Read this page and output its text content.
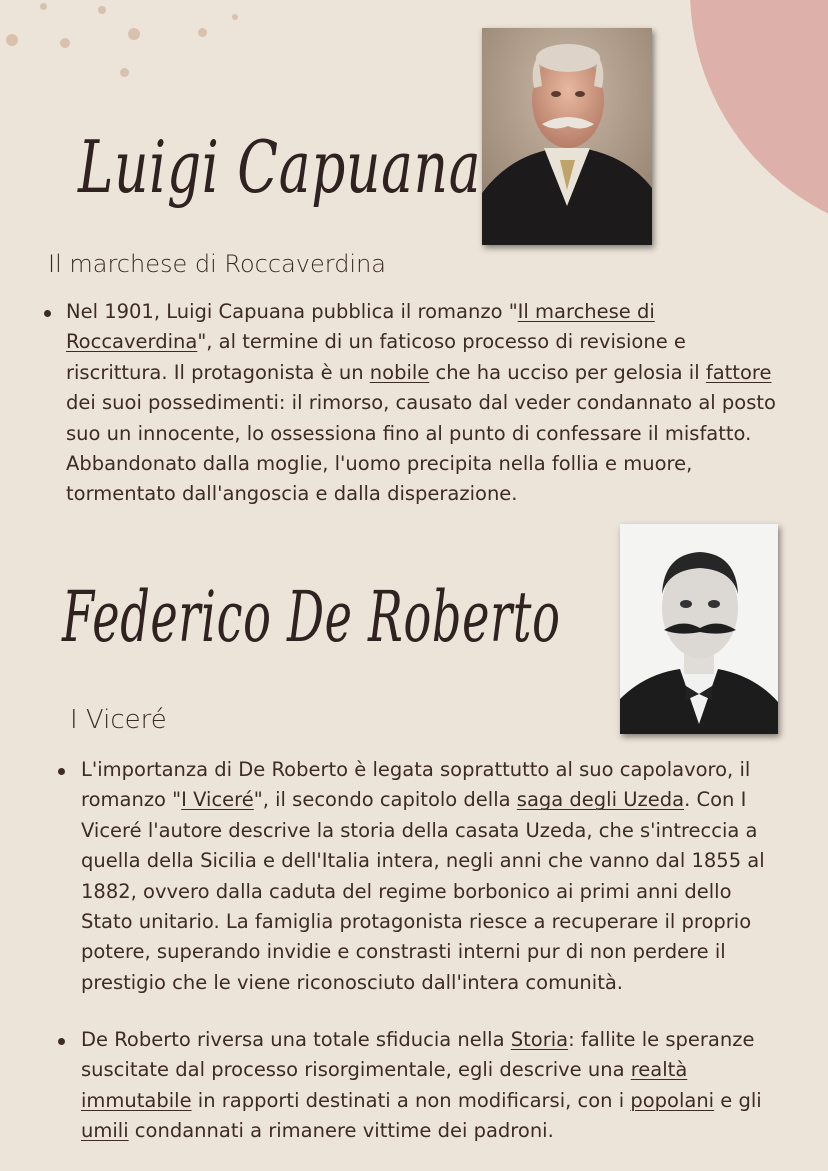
Luigi Capuana
Il marchese di Roccaverdina

Nel 1901, Luigi Capuana pubblica il romanzo "Il marchese di Roccaverdina", al termine di un faticoso processo di revisione e riscrittura. Il protagonista è un nobile che ha ucciso per gelosia il fattore dei suoi possedimenti: il rimorso, causato dal veder condannato al posto suo un innocente, lo ossessiona fino al punto di confessare il misfatto. Abbandonato dalla moglie, l'uomo precipita nella follia e muore, tormentato dall'angoscia e dalla disperazione.

Federico De Roberto
I Viceré

L'importanza di De Roberto è legata soprattutto al suo capolavoro, il romanzo "I Viceré", il secondo capitolo della saga degli Uzeda. Con I Viceré l'autore descrive la storia della casata Uzeda, che s'intreccia a quella della Sicilia e dell'Italia intera, negli anni che vanno dal 1855 al 1882, ovvero dalla caduta del regime borbonico ai primi anni dello Stato unitario. La famiglia protagonista riesce a recuperare il proprio potere, superando invidie e constrasti interni pur di non perdere il prestigio che le viene riconosciuto dall'intera comunità.

De Roberto riversa una totale sfiducia nella Storia: fallite le speranze suscitate dal processo risorgimentale, egli descrive una realtà immutabile in rapporti destinati a non modificarsi, con i popolani e gli umili condannati a rimanere vittime dei padroni.
